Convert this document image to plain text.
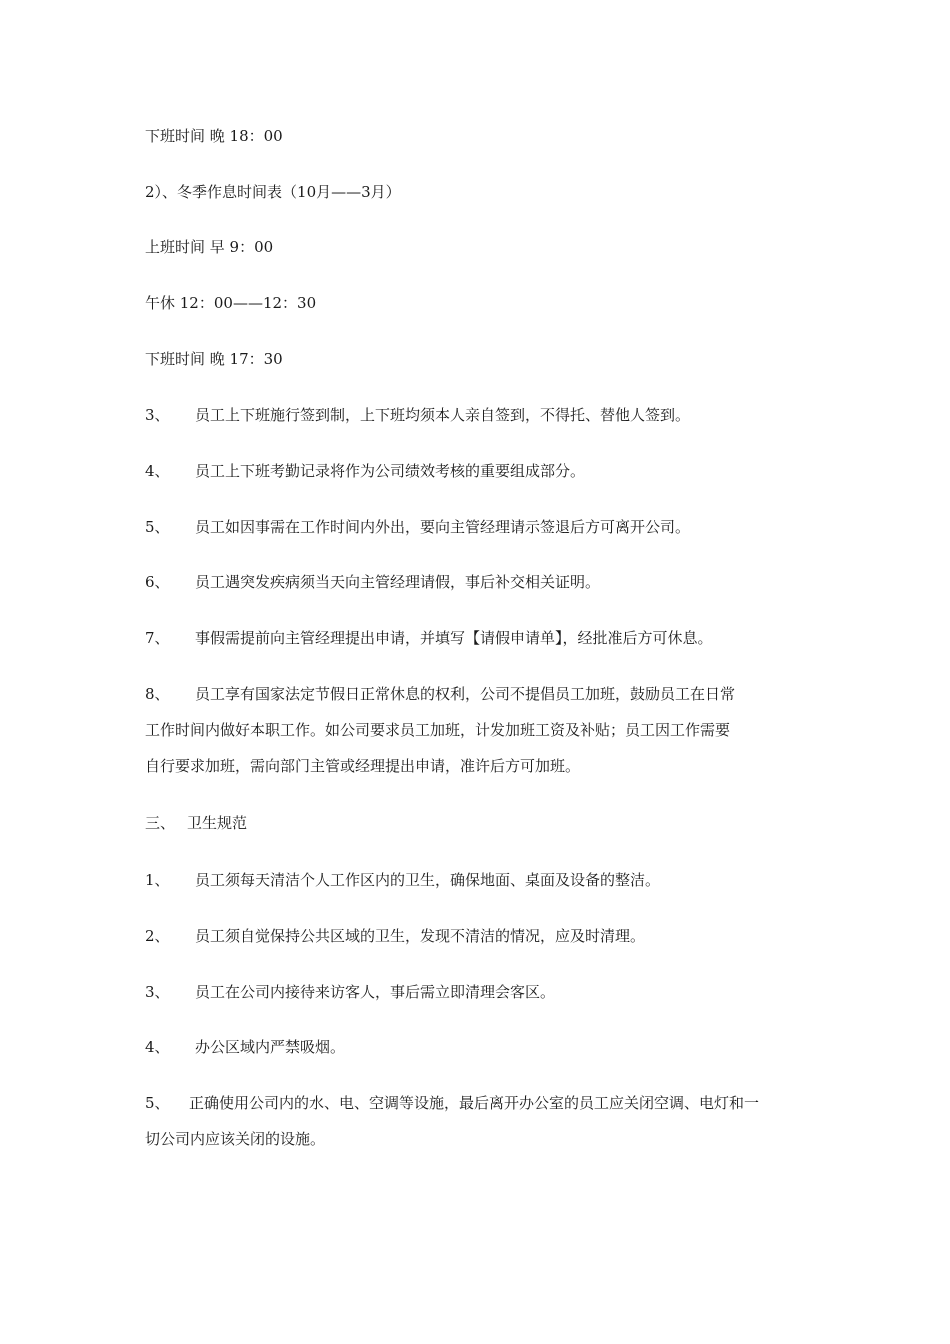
下班时间 晚 18：00
2）、冬季作息时间表（10月——3月）
上班时间 早 9：00
午休 12：00——12：30
下班时间 晚 17：30
3、 员工上下班施行签到制，上下班均须本人亲自签到，不得托、替他人签到。
4、 员工上下班考勤记录将作为公司绩效考核的重要组成部分。
5、 员工如因事需在工作时间内外出，要向主管经理请示签退后方可离开公司。
6、 员工遇突发疾病须当天向主管经理请假，事后补交相关证明。
7、 事假需提前向主管经理提出申请，并填写【请假申请单】，经批准后方可休息。
8、 员工享有国家法定节假日正常休息的权利，公司不提倡员工加班，鼓励员工在日常
工作时间内做好本职工作。如公司要求员工加班，计发加班工资及补贴；员工因工作需要
自行要求加班，需向部门主管或经理提出申请，准许后方可加班。
三、 卫生规范
1、 员工须每天清洁个人工作区内的卫生，确保地面、桌面及设备的整洁。
2、 员工须自觉保持公共区域的卫生，发现不清洁的情况，应及时清理。
3、 员工在公司内接待来访客人，事后需立即清理会客区。
4、 办公区域内严禁吸烟。
5、 正确使用公司内的水、电、空调等设施，最后离开办公室的员工应关闭空调、电灯和一
切公司内应该关闭的设施。
